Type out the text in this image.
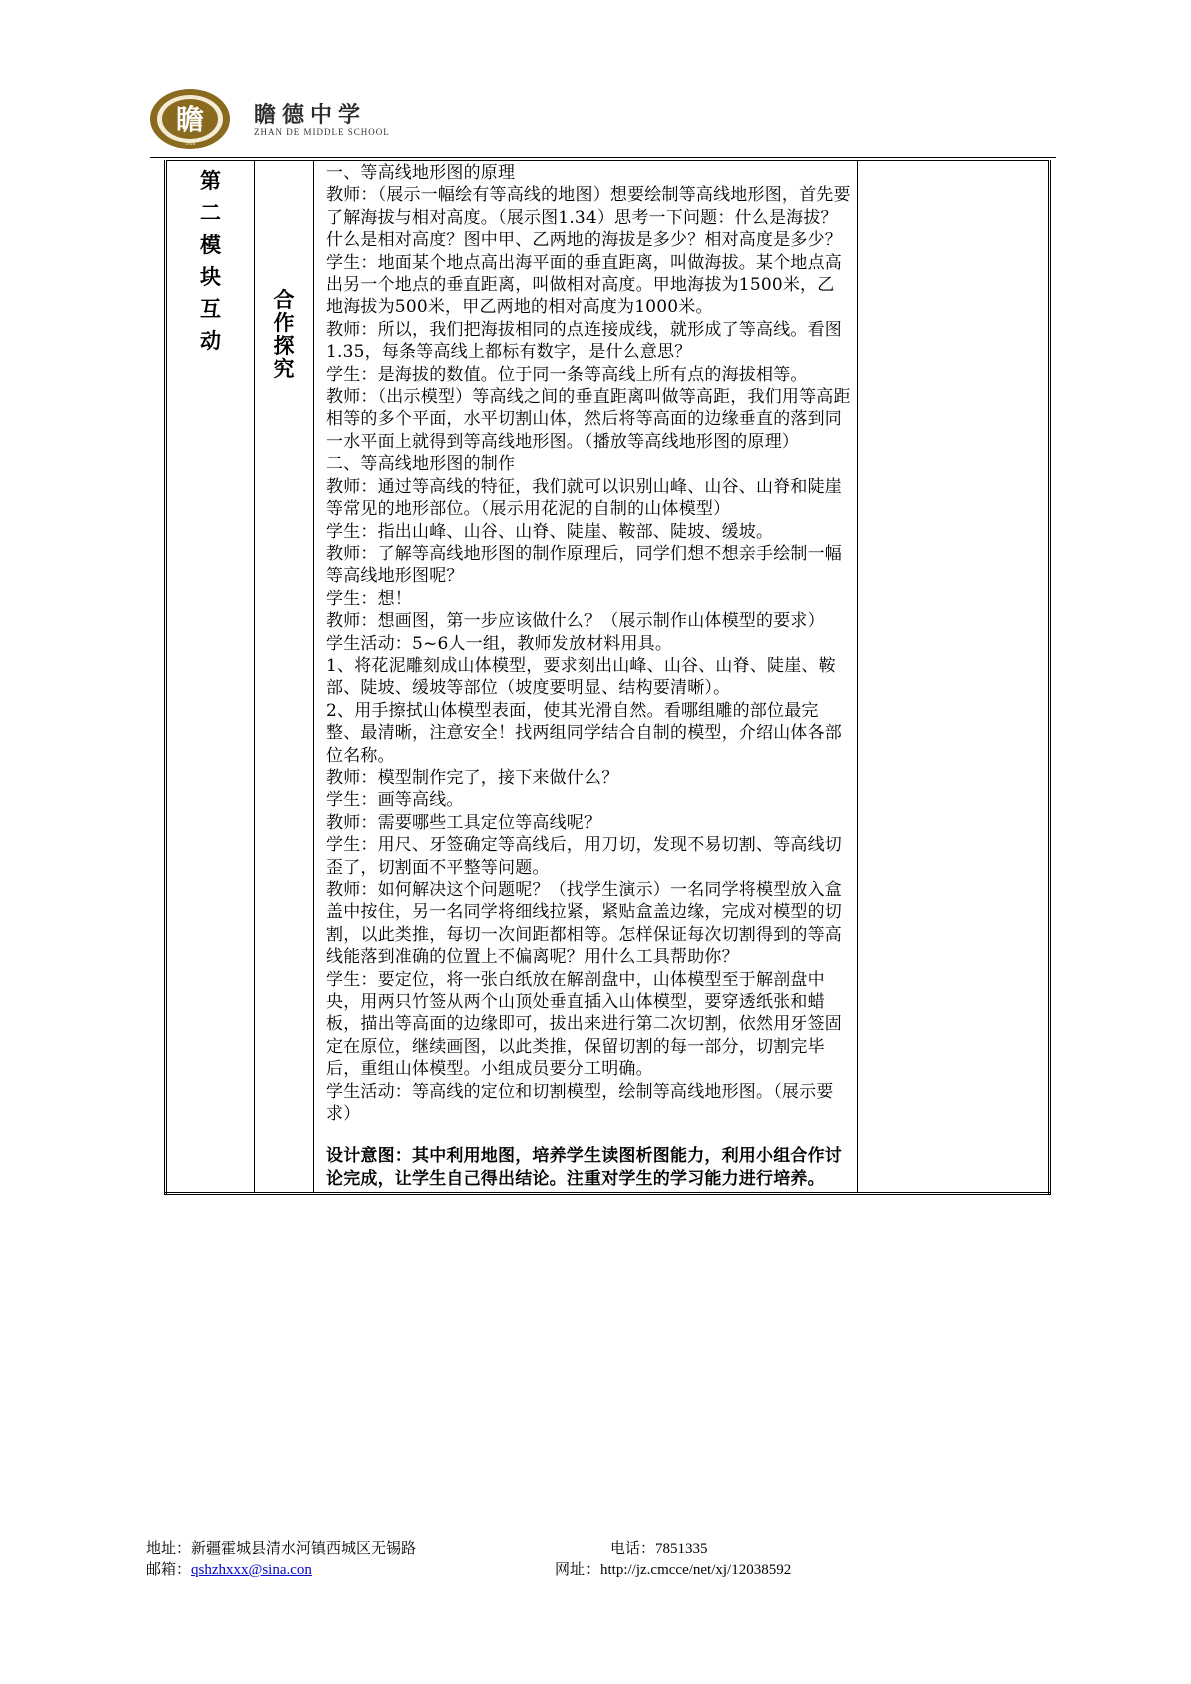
瞻
1916
瞻德中学
ZHAN DE MIDDLE SCHOOL
第二模块互动

合作探究

一、等高线地形图的原理

教师：（展示一幅绘有等高线的地图）想要绘制等高线地形图，首先要了解海拔与相对高度。（展示图1.34）思考一下问题：什么是海拔？什么是相对高度？图中甲、乙两地的海拔是多少？相对高度是多少？

学生：地面某个地点高出海平面的垂直距离，叫做海拔。某个地点高出另一个地点的垂直距离，叫做相对高度。甲地海拔为1500米，乙地海拔为500米，甲乙两地的相对高度为1000米。

教师：所以，我们把海拔相同的点连接成线，就形成了等高线。看图1.35，每条等高线上都标有数字，是什么意思？

学生：是海拔的数值。位于同一条等高线上所有点的海拔相等。

教师：（出示模型）等高线之间的垂直距离叫做等高距，我们用等高距相等的多个平面，水平切割山体，然后将等高面的边缘垂直的落到同一水平面上就得到等高线地形图。（播放等高线地形图的原理）

二、等高线地形图的制作

教师：通过等高线的特征，我们就可以识别山峰、山谷、山脊和陡崖等常见的地形部位。（展示用花泥的自制的山体模型）

学生：指出山峰、山谷、山脊、陡崖、鞍部、陡坡、缓坡。

教师：了解等高线地形图的制作原理后，同学们想不想亲手绘制一幅等高线地形图呢？

学生：想！

教师：想画图，第一步应该做什么？（展示制作山体模型的要求）

学生活动：5~6人一组，教师发放材料用具。

1、将花泥雕刻成山体模型，要求刻出山峰、山谷、山脊、陡崖、鞍部、陡坡、缓坡等部位（坡度要明显、结构要清晰）。

2、用手擦拭山体模型表面，使其光滑自然。看哪组雕的部位最完整、最清晰，注意安全！找两组同学结合自制的模型，介绍山体各部位名称。

教师：模型制作完了，接下来做什么？

学生：画等高线。

教师：需要哪些工具定位等高线呢？

学生：用尺、牙签确定等高线后，用刀切，发现不易切割、等高线切歪了，切割面不平整等问题。

教师：如何解决这个问题呢？（找学生演示）一名同学将模型放入盒盖中按住，另一名同学将细线拉紧，紧贴盒盖边缘，完成对模型的切割，以此类推，每切一次间距都相等。怎样保证每次切割得到的等高线能落到准确的位置上不偏离呢？用什么工具帮助你？

学生：要定位，将一张白纸放在解剖盘中，山体模型至于解剖盘中央，用两只竹签从两个山顶处垂直插入山体模型，要穿透纸张和蜡板，描出等高面的边缘即可，拔出来进行第二次切割，依然用牙签固定在原位，继续画图，以此类推，保留切割的每一部分，切割完毕后，重组山体模型。小组成员要分工明确。

学生活动：等高线的定位和切割模型，绘制等高线地形图。（展示要求）

设计意图：其中利用地图，培养学生读图析图能力，利用小组合作讨论完成，让学生自己得出结论。注重对学生的学习能力进行培养。

地址：新疆霍城县清水河镇西城区无锡路	电话：7851335
邮箱：qshzhxxx@sina.con	网址：http://jz.cmcce/net/xj/12038592
